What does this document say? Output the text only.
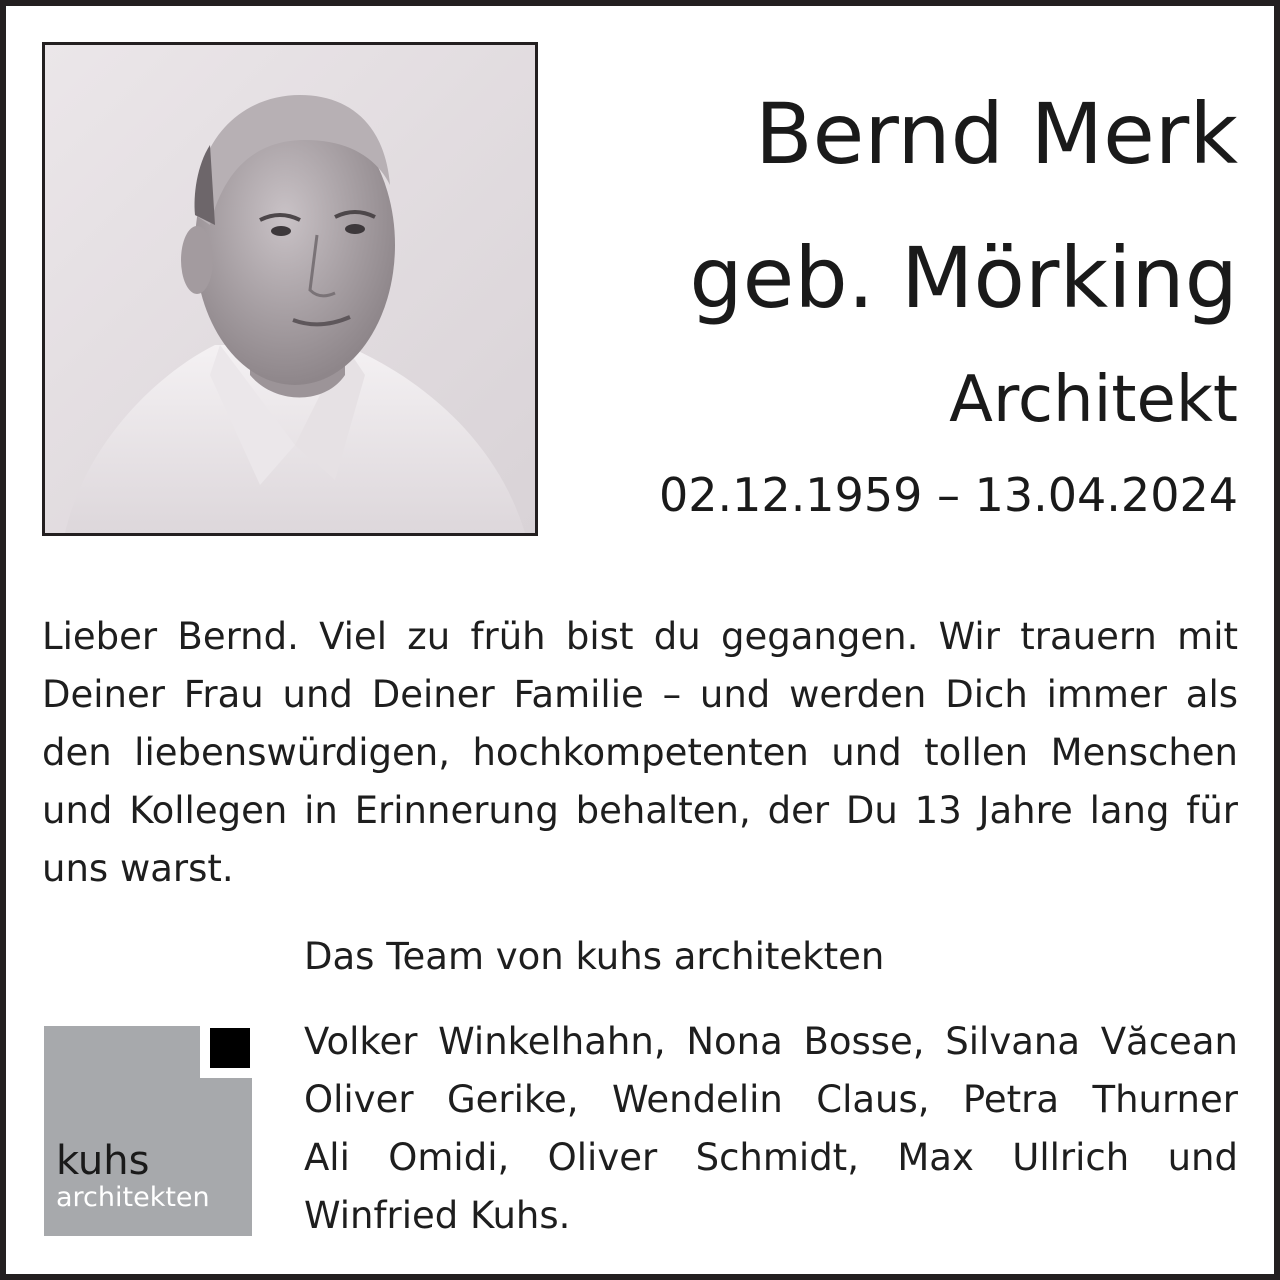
Bernd Merk
geb. Mörking
Architekt
02.12.1959 – 13.04.2024
Lieber Bernd. Viel zu früh bist du gegangen. Wir trauern mit Deiner Frau und Deiner Familie – und werden Dich immer als den liebenswürdigen, hochkompetenten und tollen Menschen und Kollegen in Erinnerung behalten, der Du 13 Jahre lang für uns warst.
Das Team von kuhs architekten
Volker Winkelhahn, Nona Bosse, Silvana Văcean
Oliver Gerike, Wendelin Claus, Petra Thurner
Ali Omidi, Oliver Schmidt, Max Ullrich und
Winfried Kuhs.
kuhs
architekten
